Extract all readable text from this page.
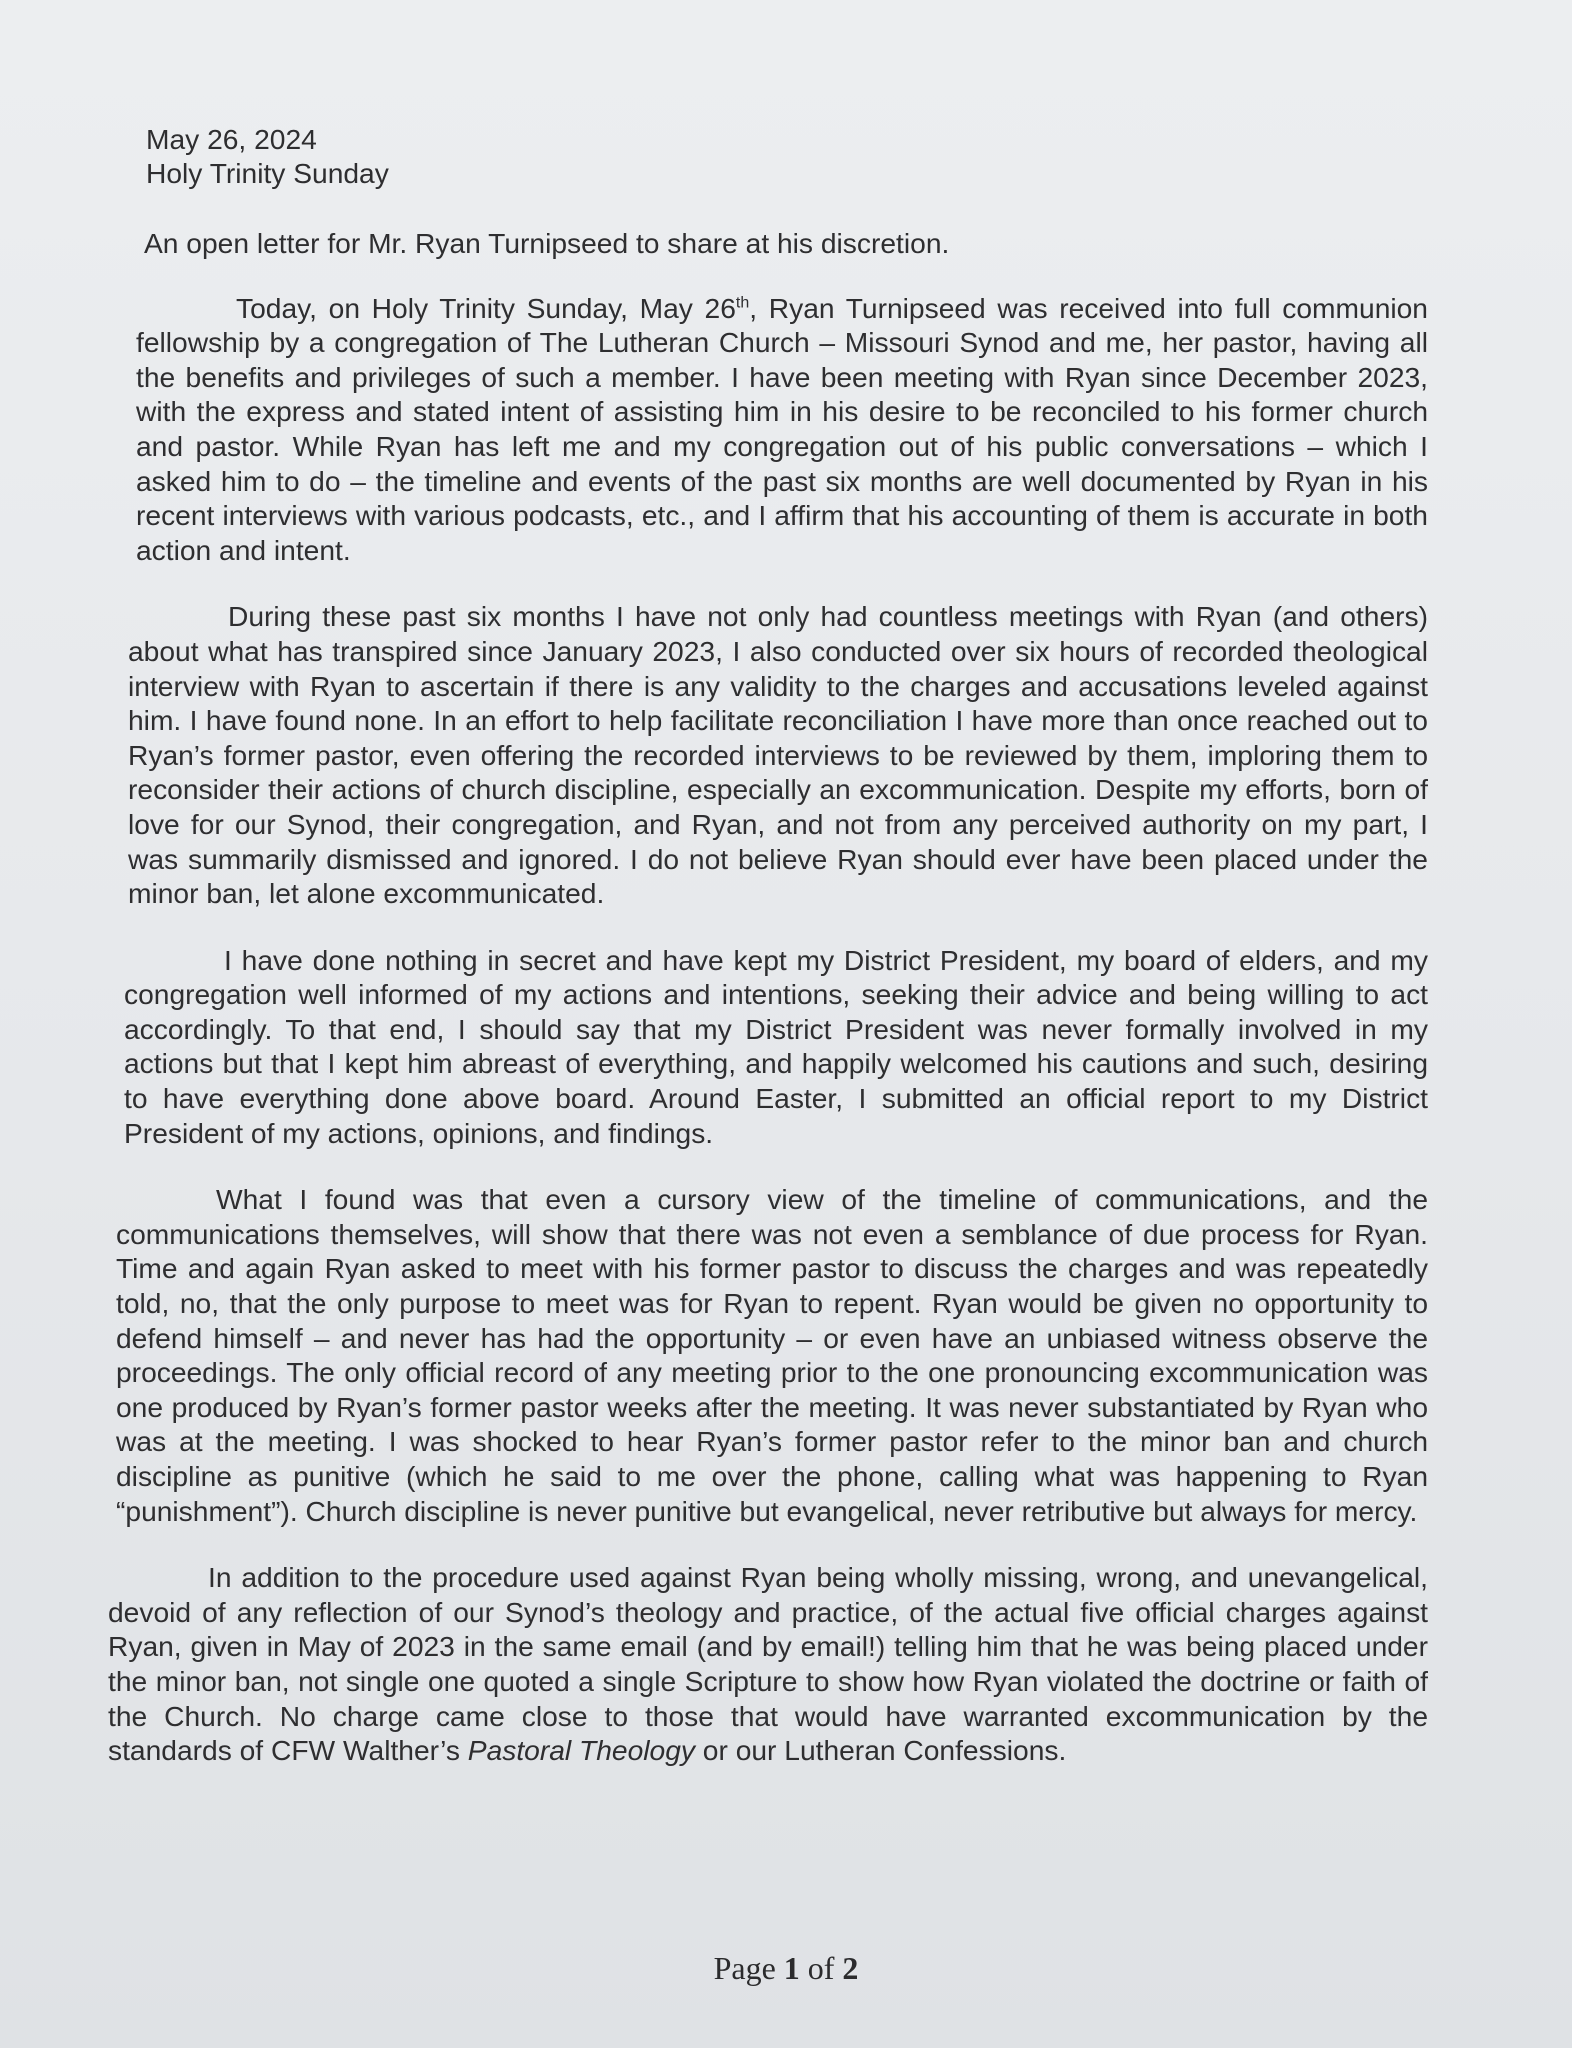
May 26, 2024
Holy Trinity Sunday

An open letter for Mr. Ryan Turnipseed to share at his discretion.

Today, on Holy Trinity Sunday, May 26th, Ryan Turnipseed was received into full communion fellowship by a congregation of The Lutheran Church – Missouri Synod and me, her pastor, having all the benefits and privileges of such a member. I have been meeting with Ryan since December 2023, with the express and stated intent of assisting him in his desire to be reconciled to his former church and pastor. While Ryan has left me and my congregation out of his public conversations – which I asked him to do – the timeline and events of the past six months are well documented by Ryan in his recent interviews with various podcasts, etc., and I affirm that his accounting of them is accurate in both action and intent.

During these past six months I have not only had countless meetings with Ryan (and others) about what has transpired since January 2023, I also conducted over six hours of recorded theological interview with Ryan to ascertain if there is any validity to the charges and accusations leveled against him. I have found none. In an effort to help facilitate reconciliation I have more than once reached out to Ryan’s former pastor, even offering the recorded interviews to be reviewed by them, imploring them to reconsider their actions of church discipline, especially an excommunication. Despite my efforts, born of love for our Synod, their congregation, and Ryan, and not from any perceived authority on my part, I was summarily dismissed and ignored. I do not believe Ryan should ever have been placed under the minor ban, let alone excommunicated.

I have done nothing in secret and have kept my District President, my board of elders, and my congregation well informed of my actions and intentions, seeking their advice and being willing to act accordingly. To that end, I should say that my District President was never formally involved in my actions but that I kept him abreast of everything, and happily welcomed his cautions and such, desiring to have everything done above board. Around Easter, I submitted an official report to my District President of my actions, opinions, and findings.

What I found was that even a cursory view of the timeline of communications, and the communications themselves, will show that there was not even a semblance of due process for Ryan. Time and again Ryan asked to meet with his former pastor to discuss the charges and was repeatedly told, no, that the only purpose to meet was for Ryan to repent. Ryan would be given no opportunity to defend himself – and never has had the opportunity – or even have an unbiased witness observe the proceedings. The only official record of any meeting prior to the one pronouncing excommunication was one produced by Ryan’s former pastor weeks after the meeting. It was never substantiated by Ryan who was at the meeting. I was shocked to hear Ryan’s former pastor refer to the minor ban and church discipline as punitive (which he said to me over the phone, calling what was happening to Ryan “punishment”). Church discipline is never punitive but evangelical, never retributive but always for mercy.

In addition to the procedure used against Ryan being wholly missing, wrong, and unevangelical, devoid of any reflection of our Synod’s theology and practice, of the actual five official charges against Ryan, given in May of 2023 in the same email (and by email!) telling him that he was being placed under the minor ban, not single one quoted a single Scripture to show how Ryan violated the doctrine or faith of the Church. No charge came close to those that would have warranted excommunication by the standards of CFW Walther’s Pastoral Theology or our Lutheran Confessions.

Page 1 of 2
